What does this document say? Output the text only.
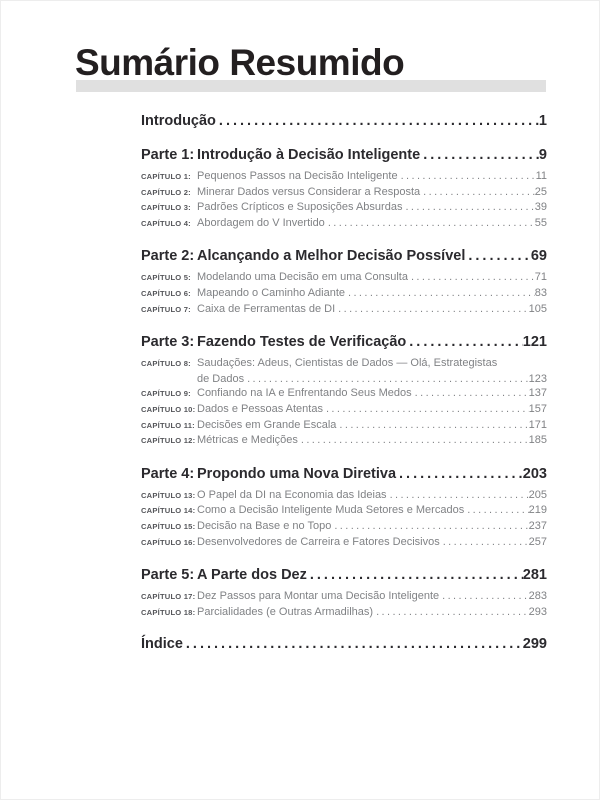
Sumário Resumido
Introdução .....	1
Parte 1: Introdução à Decisão Inteligente .....	9
CAPÍTULO 1: Pequenos Passos na Decisão Inteligente .....	11
CAPÍTULO 2: Minerar Dados versus Considerar a Resposta .....	25
CAPÍTULO 3: Padrões Crípticos e Suposições Absurdas .....	39
CAPÍTULO 4: Abordagem do V Invertido .....	55
Parte 2: Alcançando a Melhor Decisão Possível .....	69
CAPÍTULO 5: Modelando uma Decisão em uma Consulta .....	71
CAPÍTULO 6: Mapeando o Caminho Adiante .....	83
CAPÍTULO 7: Caixa de Ferramentas de DI .....	105
Parte 3: Fazendo Testes de Verificação .....	121
CAPÍTULO 8: Saudações: Adeus, Cientistas de Dados — Olá, Estrategistas
de Dados .....	123
CAPÍTULO 9: Confiando na IA e Enfrentando Seus Medos .....	137
CAPÍTULO 10: Dados e Pessoas Atentas .....	157
CAPÍTULO 11: Decisões em Grande Escala .....	171
CAPÍTULO 12: Métricas e Medições .....	185
Parte 4: Propondo uma Nova Diretiva .....	203
CAPÍTULO 13: O Papel da DI na Economia das Ideias .....	205
CAPÍTULO 14: Como a Decisão Inteligente Muda Setores e Mercados .....	219
CAPÍTULO 15: Decisão na Base e no Topo .....	237
CAPÍTULO 16: Desenvolvedores de Carreira e Fatores Decisivos .....	257
Parte 5: A Parte dos Dez .....	281
CAPÍTULO 17: Dez Passos para Montar uma Decisão Inteligente .....	283
CAPÍTULO 18: Parcialidades (e Outras Armadilhas) .....	293
Índice .....	299
